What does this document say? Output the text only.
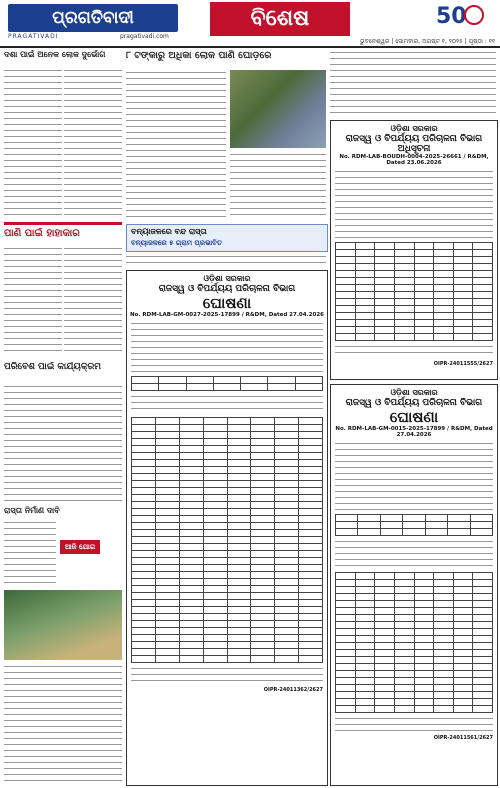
ପ୍ରଗତିବାଦୀ
PRAGATIVADI	pragativadi.com
ବିଶେଷ	50
ଭୁବନେଶ୍ୱର | ସୋମବାର, ଅଗଷ୍ଟ ୧, ୨୦୨୫ | ପୃଷ୍ଠା : ୧୧
ଦଶା ପାଇଁ ଅନେକ ଲୋକ ଦୁର୍ଭୋଗ
ପାଣି ପାଇଁ ହାହାକାର
ପରିବେଶ ପାଇଁ କାର୍ଯ୍ୟକ୍ରମ
ରାସ୍ତା ନିର୍ମାଣ ଦାବି
ଆଜି ଯୋଗ
୮ ଟଙ୍କାରୁ ଅଧିକା ଲୋକ ପାଣି ଘୋଡ଼ରେ
ବନ୍ୟାଜଳରେ ବନ୍ଦ ରାସ୍ତା
ବନ୍ୟାଜଳରେ ୫ ଗ୍ରାମ ପ୍ରଭାବିତ
ଓଡ଼ିଶା ସରକାର
ରାଜସ୍ୱ ଓ ବିପର୍ଯ୍ୟୟ ପରିଚାଳନା ବିଭାଗ
ଘୋଷଣା
No. RDM-LAB-GM-0027-2025-17899 / R&DM, Dated 27.04.2026

OIPR-24011362/2627
ଓଡ଼ିଶା ସରକାର
ରାଜସ୍ୱ ଓ ବିପର୍ଯ୍ୟୟ ପରିଚାଳନା ବିଭାଗ
ଅଧିସୂଚନା
No. RDM-LAB-BOUDH-0004-2025-26661 / R&DM, Dated 23.06.2026

OIPR-24011555/2627
ଓଡ଼ିଶା ସରକାର
ରାଜସ୍ୱ ଓ ବିପର୍ଯ୍ୟୟ ପରିଚାଳନା ବିଭାଗ
ଘୋଷଣା
No. RDM-LAB-GM-0015-2025-17899 / R&DM, Dated 27.04.2026

OIPR-24011561/2627
